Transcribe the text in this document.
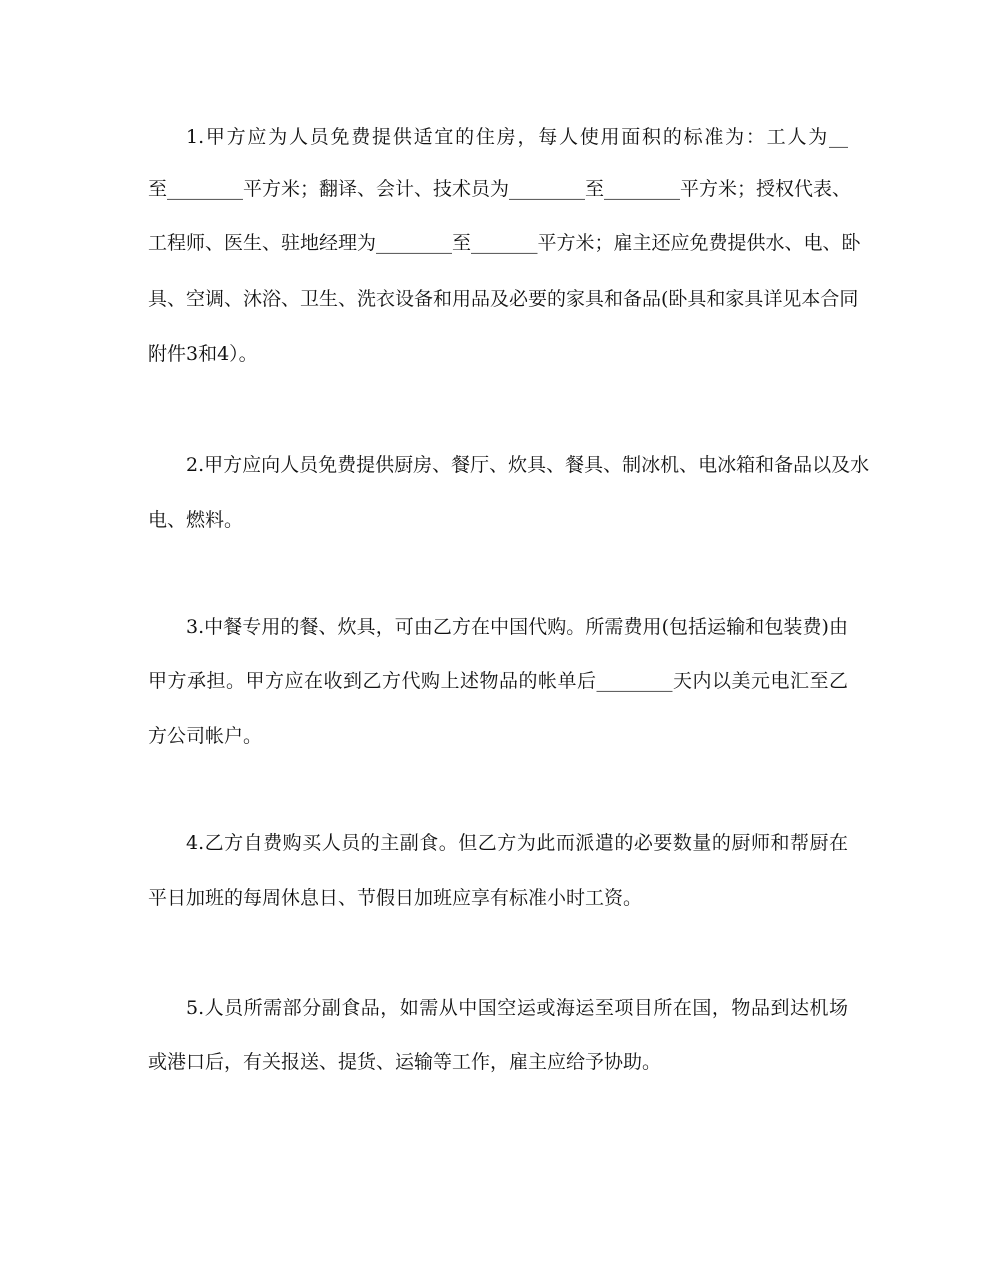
1.甲方应为人员免费提供适宜的住房，每人使用面积的标准为：工人为__
至________平方米；翻译、会计、技术员为________至________平方米；授权代表、
工程师、医生、驻地经理为________至_______平方米；雇主还应免费提供水、电、卧
具、空调、沐浴、卫生、洗衣设备和用品及必要的家具和备品(卧具和家具详见本合同
附件3和4）。
2.甲方应向人员免费提供厨房、餐厅、炊具、餐具、制冰机、电冰箱和备品以及水
电、燃料。
3.中餐专用的餐、炊具，可由乙方在中国代购。所需费用(包括运输和包装费)由
甲方承担。甲方应在收到乙方代购上述物品的帐单后________天内以美元电汇至乙
方公司帐户。
4.乙方自费购买人员的主副食。但乙方为此而派遣的必要数量的厨师和帮厨在
平日加班的每周休息日、节假日加班应享有标准小时工资。
5.人员所需部分副食品，如需从中国空运或海运至项目所在国，物品到达机场
或港口后，有关报送、提货、运输等工作，雇主应给予协助。
